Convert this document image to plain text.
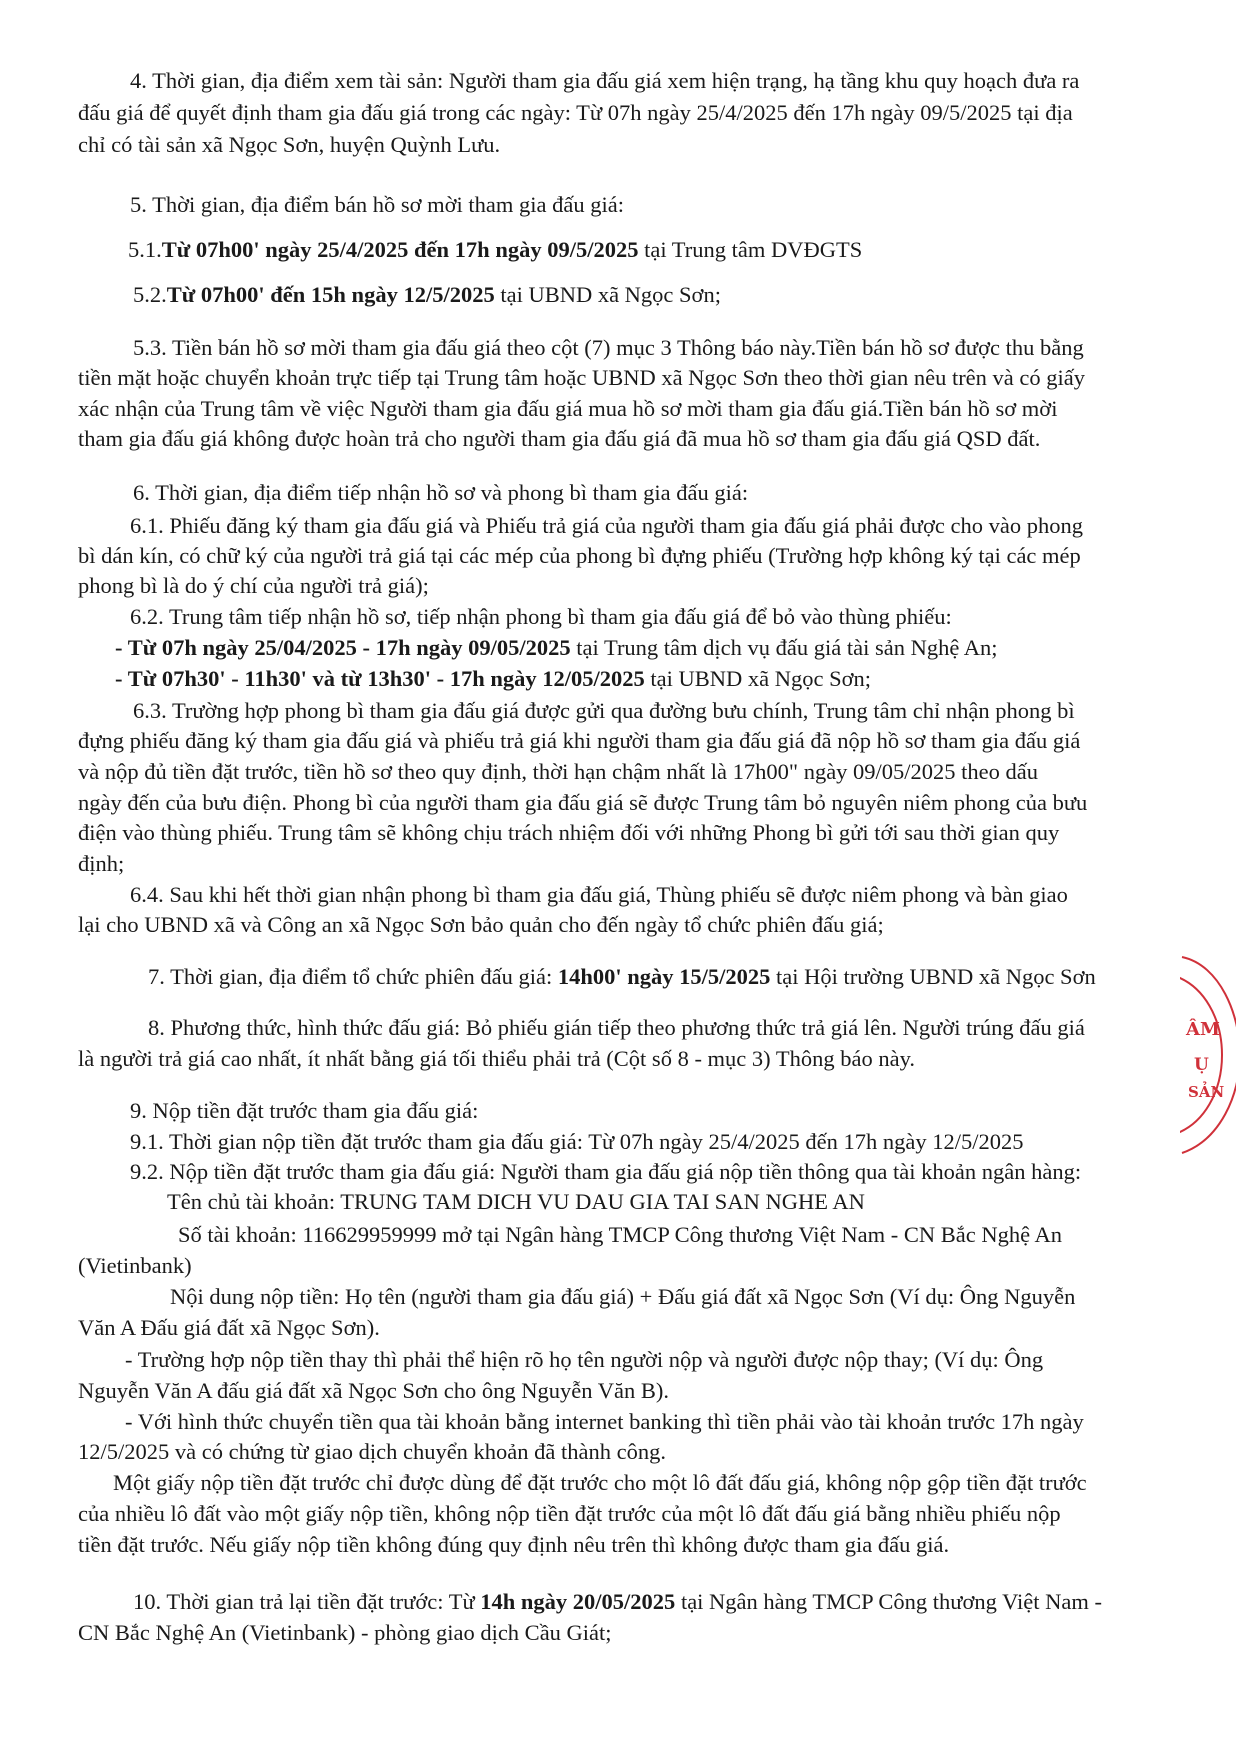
4. Thời gian, địa điểm xem tài sản: Người tham gia đấu giá xem hiện trạng, hạ tầng khu quy hoạch đưa ra
đấu giá để quyết định tham gia đấu giá trong các ngày: Từ 07h ngày 25/4/2025 đến 17h ngày 09/5/2025 tại địa
chỉ có tài sản xã Ngọc Sơn, huyện Quỳnh Lưu.
5. Thời gian, địa điểm bán hồ sơ mời tham gia đấu giá:
5.1.Từ 07h00' ngày 25/4/2025 đến 17h ngày 09/5/2025 tại Trung tâm DVĐGTS
5.2.Từ 07h00' đến 15h ngày 12/5/2025 tại UBND xã Ngọc Sơn;
5.3. Tiền bán hồ sơ mời tham gia đấu giá theo cột (7) mục 3 Thông báo này.Tiền bán hồ sơ được thu bằng
tiền mặt hoặc chuyển khoản trực tiếp tại Trung tâm hoặc UBND xã Ngọc Sơn theo thời gian nêu trên và có giấy
xác nhận của Trung tâm về việc Người tham gia đấu giá mua hồ sơ mời tham gia đấu giá.Tiền bán hồ sơ mời
tham gia đấu giá không được hoàn trả cho người tham gia đấu giá đã mua hồ sơ tham gia đấu giá QSD đất.
6. Thời gian, địa điểm tiếp nhận hồ sơ và phong bì tham gia đấu giá:
6.1. Phiếu đăng ký tham gia đấu giá và Phiếu trả giá của người tham gia đấu giá phải được cho vào phong
bì dán kín, có chữ ký của người trả giá tại các mép của phong bì đựng phiếu (Trường hợp không ký tại các mép
phong bì là do ý chí của người trả giá);
6.2. Trung tâm tiếp nhận hồ sơ, tiếp nhận phong bì tham gia đấu giá để bỏ vào thùng phiếu:
- Từ 07h ngày 25/04/2025 - 17h ngày 09/05/2025 tại Trung tâm dịch vụ đấu giá tài sản Nghệ An;
- Từ 07h30' - 11h30' và từ 13h30' - 17h ngày 12/05/2025 tại UBND xã Ngọc Sơn;
6.3. Trường hợp phong bì tham gia đấu giá được gửi qua đường bưu chính, Trung tâm chỉ nhận phong bì
đựng phiếu đăng ký tham gia đấu giá và phiếu trả giá khi người tham gia đấu giá đã nộp hồ sơ tham gia đấu giá
và nộp đủ tiền đặt trước, tiền hồ sơ theo quy định, thời hạn chậm nhất là 17h00" ngày 09/05/2025 theo dấu
ngày đến của bưu điện. Phong bì của người tham gia đấu giá sẽ được Trung tâm bỏ nguyên niêm phong của bưu
điện vào thùng phiếu. Trung tâm sẽ không chịu trách nhiệm đối với những Phong bì gửi tới sau thời gian quy
định;
6.4. Sau khi hết thời gian nhận phong bì tham gia đấu giá, Thùng phiếu sẽ được niêm phong và bàn giao
lại cho UBND xã và Công an xã Ngọc Sơn bảo quản cho đến ngày tổ chức phiên đấu giá;
7. Thời gian, địa điểm tổ chức phiên đấu giá: 14h00' ngày 15/5/2025 tại Hội trường UBND xã Ngọc Sơn
8. Phương thức, hình thức đấu giá: Bỏ phiếu gián tiếp theo phương thức trả giá lên. Người trúng đấu giá
là người trả giá cao nhất, ít nhất bằng giá tối thiểu phải trả (Cột số 8 - mục 3) Thông báo này.
9. Nộp tiền đặt trước tham gia đấu giá:
9.1. Thời gian nộp tiền đặt trước tham gia đấu giá: Từ 07h ngày 25/4/2025 đến 17h ngày 12/5/2025
9.2. Nộp tiền đặt trước tham gia đấu giá: Người tham gia đấu giá nộp tiền thông qua tài khoản ngân hàng:
Tên chủ tài khoản: TRUNG TAM DICH VU DAU GIA TAI SAN NGHE AN
Số tài khoản: 116629959999 mở tại Ngân hàng TMCP Công thương Việt Nam - CN Bắc Nghệ An
(Vietinbank)
Nội dung nộp tiền: Họ tên (người tham gia đấu giá) + Đấu giá đất xã Ngọc Sơn (Ví dụ: Ông Nguyễn
Văn A Đấu giá đất xã Ngọc Sơn).
- Trường hợp nộp tiền thay thì phải thể hiện rõ họ tên người nộp và người được nộp thay; (Ví dụ: Ông
Nguyễn Văn A đấu giá đất xã Ngọc Sơn cho ông Nguyễn Văn B).
- Với hình thức chuyển tiền qua tài khoản bằng internet banking thì tiền phải vào tài khoản trước 17h ngày
12/5/2025 và có chứng từ giao dịch chuyển khoản đã thành công.
Một giấy nộp tiền đặt trước chỉ được dùng để đặt trước cho một lô đất đấu giá, không nộp gộp tiền đặt trước
của nhiều lô đất vào một giấy nộp tiền, không nộp tiền đặt trước của một lô đất đấu giá bằng nhiều phiếu nộp
tiền đặt trước. Nếu giấy nộp tiền không đúng quy định nêu trên thì không được tham gia đấu giá.
10. Thời gian trả lại tiền đặt trước: Từ 14h ngày 20/05/2025 tại Ngân hàng TMCP Công thương Việt Nam -
CN Bắc Nghệ An (Vietinbank) - phòng giao dịch Cầu Giát;
ÂM
Ụ
SẢN
